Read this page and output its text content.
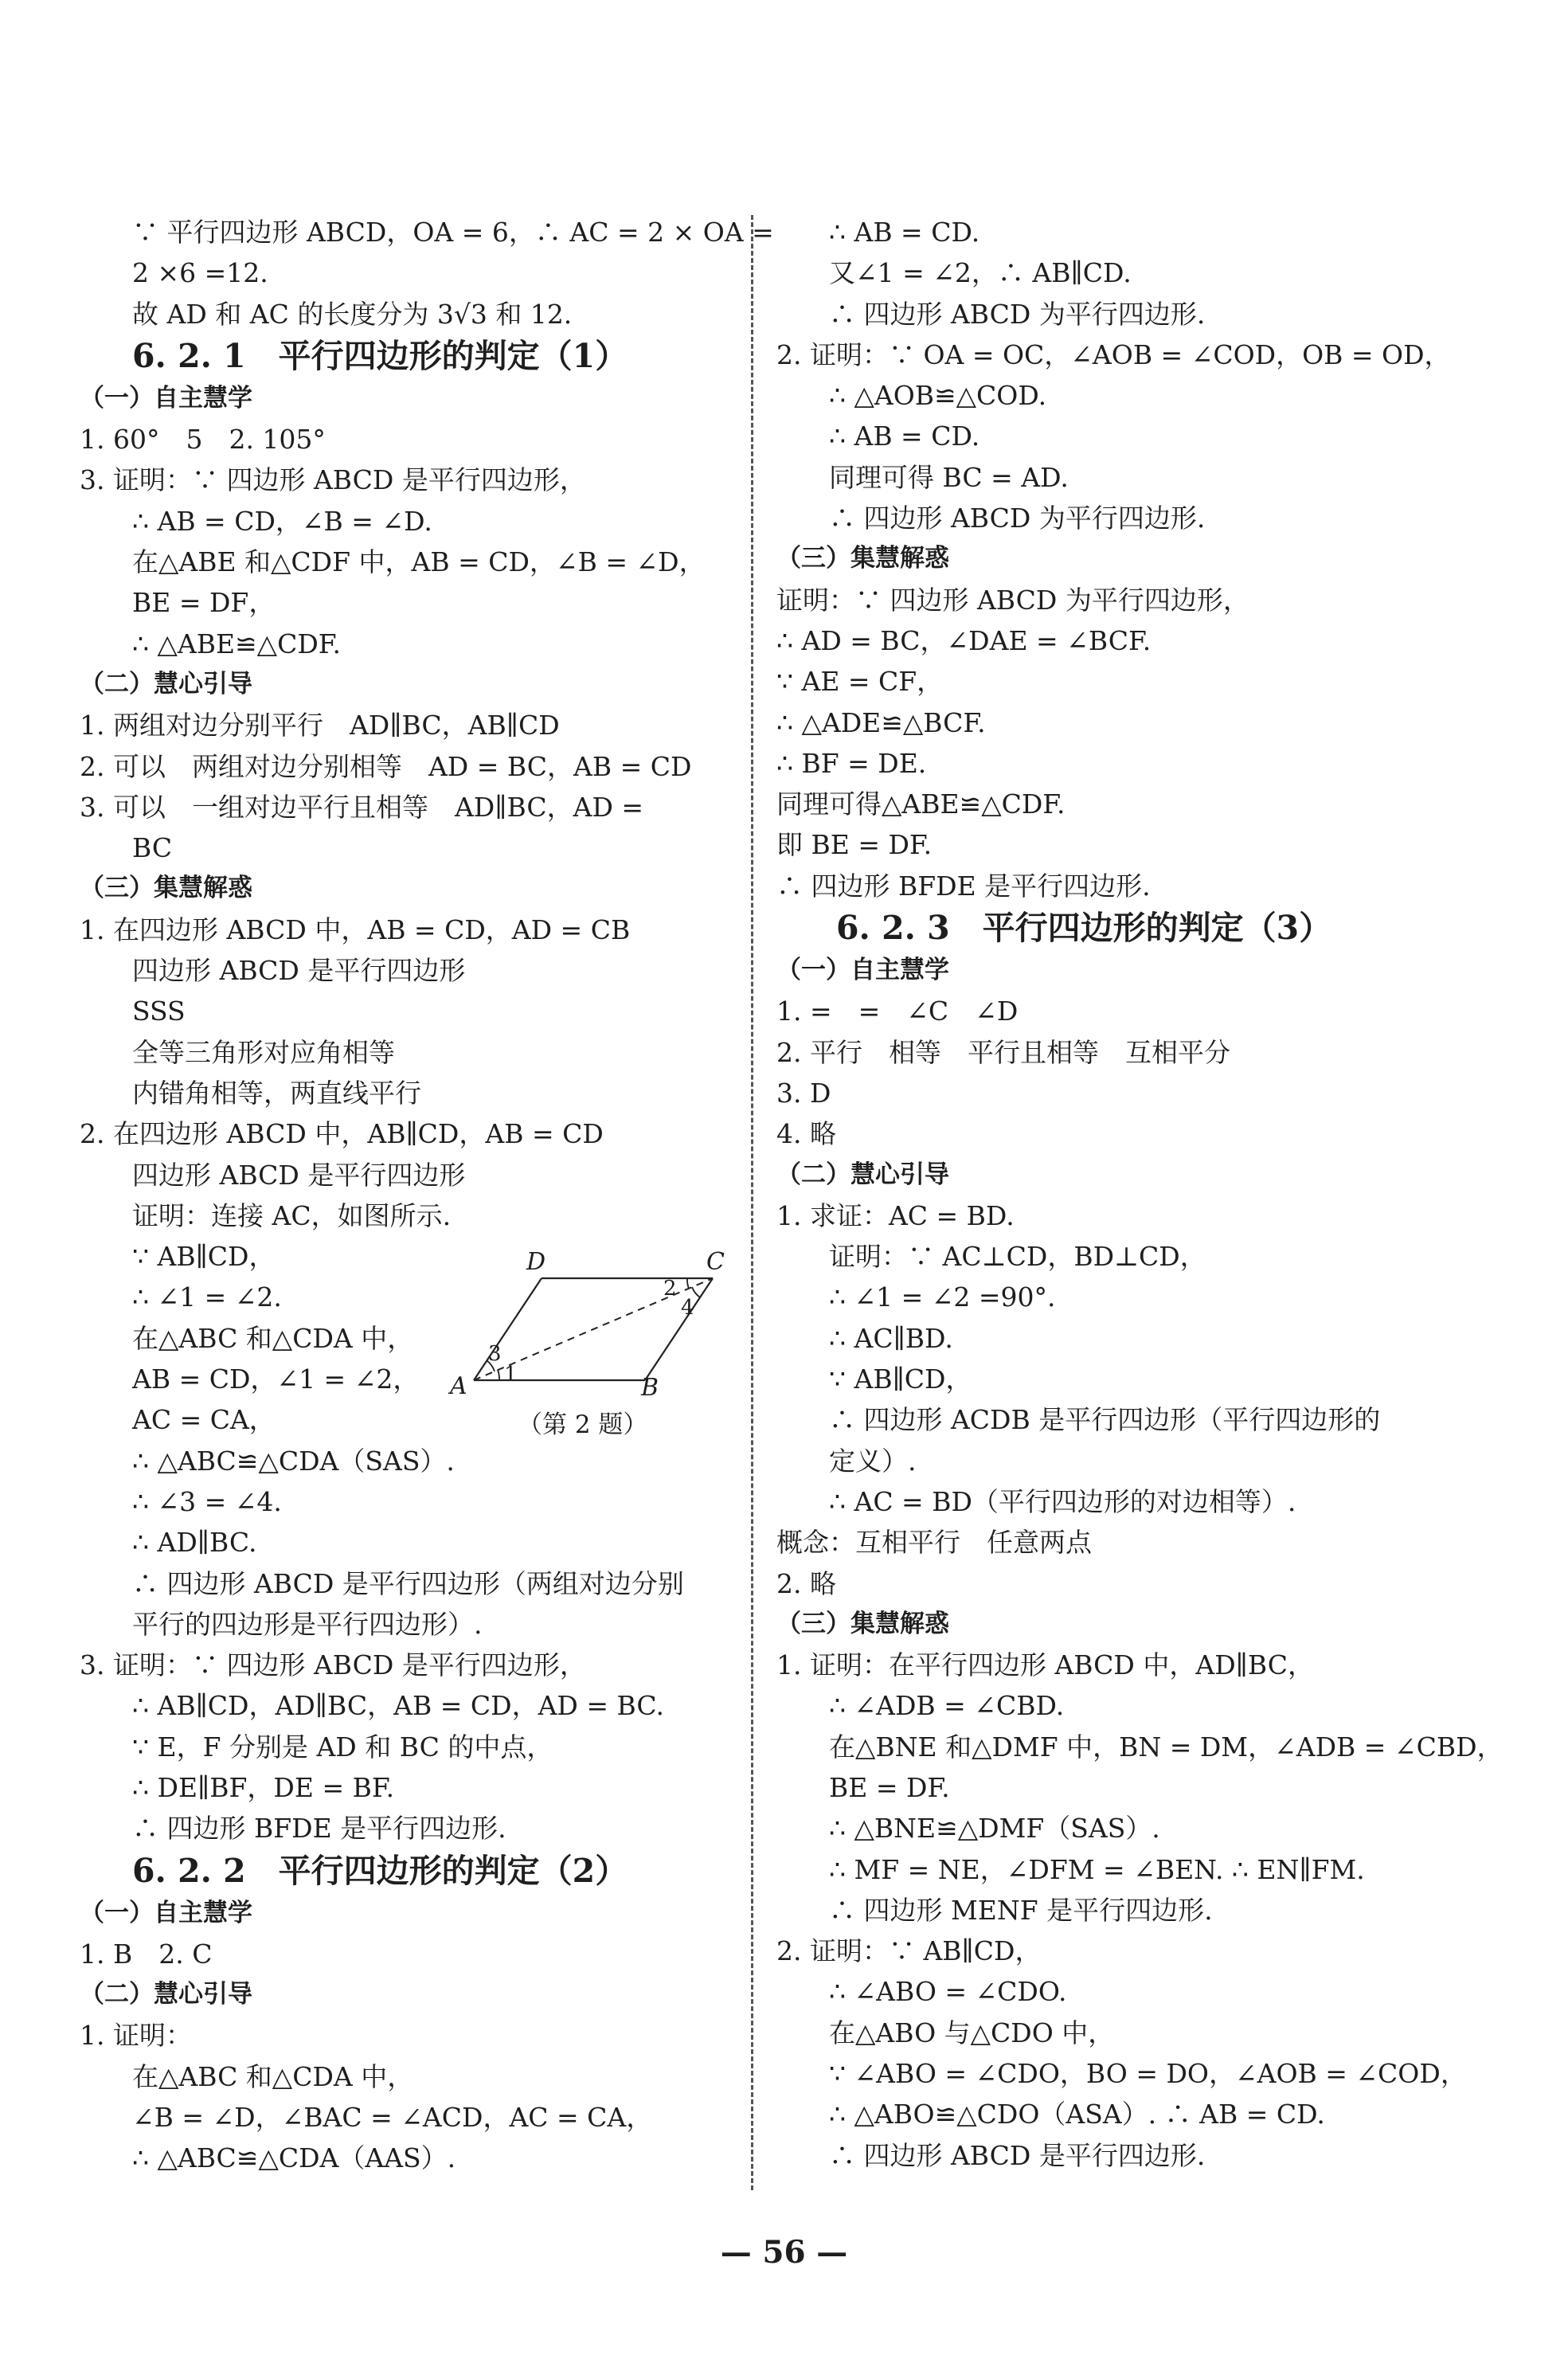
∵ 平行四边形 ABCD，OA = 6，∴ AC = 2 × OA =
2 ×6 =12.
故 AD 和 AC 的长度分为 3√3 和 12.
6. 2. 1　平行四边形的判定（1）
（一）自主慧学
1. 60°　5　2. 105°
3. 证明：∵ 四边形 ABCD 是平行四边形，
∴ AB = CD，∠B = ∠D.
在△ABE 和△CDF 中，AB = CD，∠B = ∠D，
BE = DF，
∴ △ABE≌△CDF.
（二）慧心引导
1. 两组对边分别平行　AD∥BC，AB∥CD
2. 可以　两组对边分别相等　AD = BC，AB = CD
3. 可以　一组对边平行且相等　AD∥BC，AD =
BC
（三）集慧解惑
1. 在四边形 ABCD 中，AB = CD，AD = CB
四边形 ABCD 是平行四边形
SSS
全等三角形对应角相等
内错角相等，两直线平行
2. 在四边形 ABCD 中，AB∥CD，AB = CD
四边形 ABCD 是平行四边形
证明：连接 AC，如图所示.
∵ AB∥CD，
∴ ∠1 = ∠2.
在△ABC 和△CDA 中，
AB = CD，∠1 = ∠2，
AC = CA，
∴ △ABC≌△CDA（SAS）.
∴ ∠3 = ∠4.
∴ AD∥BC.
∴ 四边形 ABCD 是平行四边形（两组对边分别
平行的四边形是平行四边形）.
3. 证明：∵ 四边形 ABCD 是平行四边形，
∴ AB∥CD，AD∥BC，AB = CD，AD = BC.
∵ E，F 分别是 AD 和 BC 的中点，
∴ DE∥BF，DE = BF.
∴ 四边形 BFDE 是平行四边形.
6. 2. 2　平行四边形的判定（2）
（一）自主慧学
1. B　2. C
（二）慧心引导
1. 证明：
在△ABC 和△CDA 中，
∠B = ∠D，∠BAC = ∠ACD，AC = CA，
∴ △ABC≌△CDA（AAS）.
∴ AB = CD.
又∠1 = ∠2，∴ AB∥CD.
∴ 四边形 ABCD 为平行四边形.
2. 证明：∵ OA = OC，∠AOB = ∠COD，OB = OD，
∴ △AOB≌△COD.
∴ AB = CD.
同理可得 BC = AD.
∴ 四边形 ABCD 为平行四边形.
（三）集慧解惑
证明：∵ 四边形 ABCD 为平行四边形，
∴ AD = BC，∠DAE = ∠BCF.
∵ AE = CF，
∴ △ADE≌△BCF.
∴ BF = DE.
同理可得△ABE≌△CDF.
即 BE = DF.
∴ 四边形 BFDE 是平行四边形.
6. 2. 3　平行四边形的判定（3）
（一）自主慧学
1. =　=　∠C　∠D
2. 平行　相等　平行且相等　互相平分
3. D
4. 略
（二）慧心引导
1. 求证：AC = BD.
证明：∵ AC⊥CD，BD⊥CD，
∴ ∠1 = ∠2 =90°.
∴ AC∥BD.
∵ AB∥CD，
∴ 四边形 ACDB 是平行四边形（平行四边形的
定义）.
∴ AC = BD（平行四边形的对边相等）.
概念：互相平行　任意两点
2. 略
（三）集慧解惑
1. 证明：在平行四边形 ABCD 中，AD∥BC，
∴ ∠ADB = ∠CBD.
在△BNE 和△DMF 中，BN = DM，∠ADB = ∠CBD，
BE = DF.
∴ △BNE≌△DMF（SAS）.
∴ MF = NE，∠DFM = ∠BEN. ∴ EN∥FM.
∴ 四边形 MENF 是平行四边形.
2. 证明：∵ AB∥CD，
∴ ∠ABO = ∠CDO.
在△ABO 与△CDO 中，
∵ ∠ABO = ∠CDO，BO = DO，∠AOB = ∠COD，
∴ △ABO≌△CDO（ASA）. ∴ AB = CD.
∴ 四边形 ABCD 是平行四边形.
A	B
C
D
1
2
3
4
（第 2 题）
— 56 —
